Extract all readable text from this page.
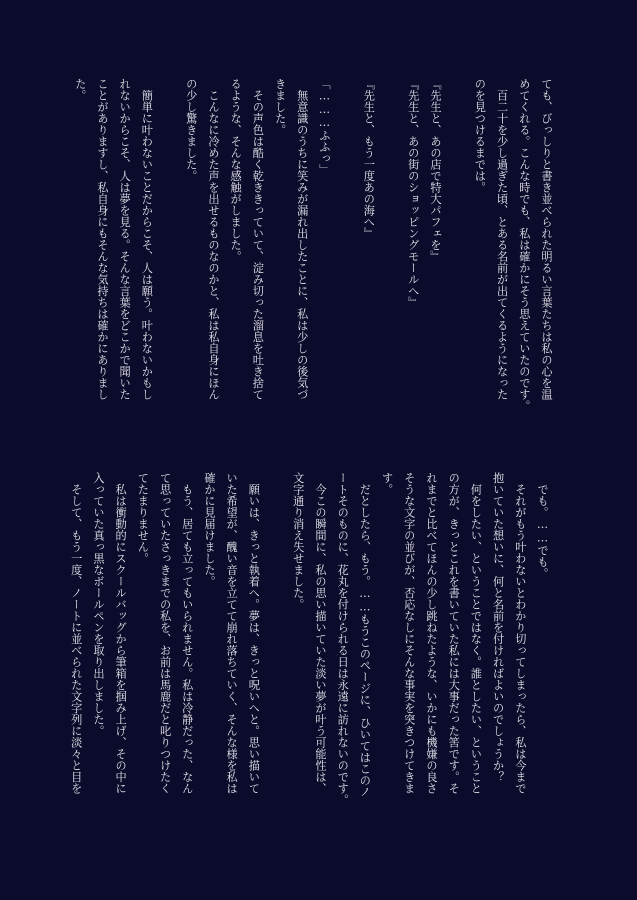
ても、びっしりと書き並べられた明るい言葉たちは私の心を温
めてくれる。こんな時でも、私は確かにそう思えていたのです。
　百二十を少し過ぎた頃、とある名前が出てくるようになった
のを見つけるまでは。

『先生と、あの店で特大パフェを』
『先生と、あの街のショッピングモールへ』

『先生と、もう一度あの海へ』

「………ふふっ」
　無意識のうちに笑みが漏れ出したことに、私は少しの後気づ
きました。
　その声色は酷く乾ききっていて、淀み切った溜息を吐き捨て
るような、そんな感触がしました。
　こんなに冷めた声を出せるものなのかと、私は私自身にほん
の少し驚きました。

　簡単に叶わないことだからこそ、人は願う。叶わないかもし
れないからこそ、人は夢を見る。そんな言葉をどこかで聞いた
ことがありますし、私自身にもそんな気持ちは確かにありまし
た。
　でも。……でも。
　それがもう叶わないとわかり切ってしまったら、私は今まで
抱いていた想いに、何と名前を付ければよいのでしょうか？
　何をしたい、ということではなく。誰としたい、ということ
の方が、きっとこれを書いていた私には大事だった筈です。そ
れまでと比べてほんの少し跳ねたような、いかにも機嫌の良さ
そうな文字の並びが、否応なしにそんな事実を突きつけてきま
す。
　だとしたら、もう。……もうこのページに、ひいてはこのノ
ートそのものに、花丸を付けられる日は永遠に訪れないのです。
　今この瞬間に、私の思い描いていた淡い夢が叶う可能性は、
文字通り消え失せました。

　願いは、きっと執着へ。夢は、きっと呪いへと。思い描いて
いた希望が、醜い音を立てて崩れ落ちていく、そんな様を私は
確かに見届けました。
　もう、居ても立ってもいられません。私は冷静だった、なん
て思っていたさっきまでの私を、お前は馬鹿だと叱りつけたく
てたまりません。
　私は衝動的にスクールバッグから筆箱を掴み上げ、その中に
入っていた真っ黒なボールペンを取り出しました。
　そして、もう一度、ノートに並べられた文字列に淡々と目を
